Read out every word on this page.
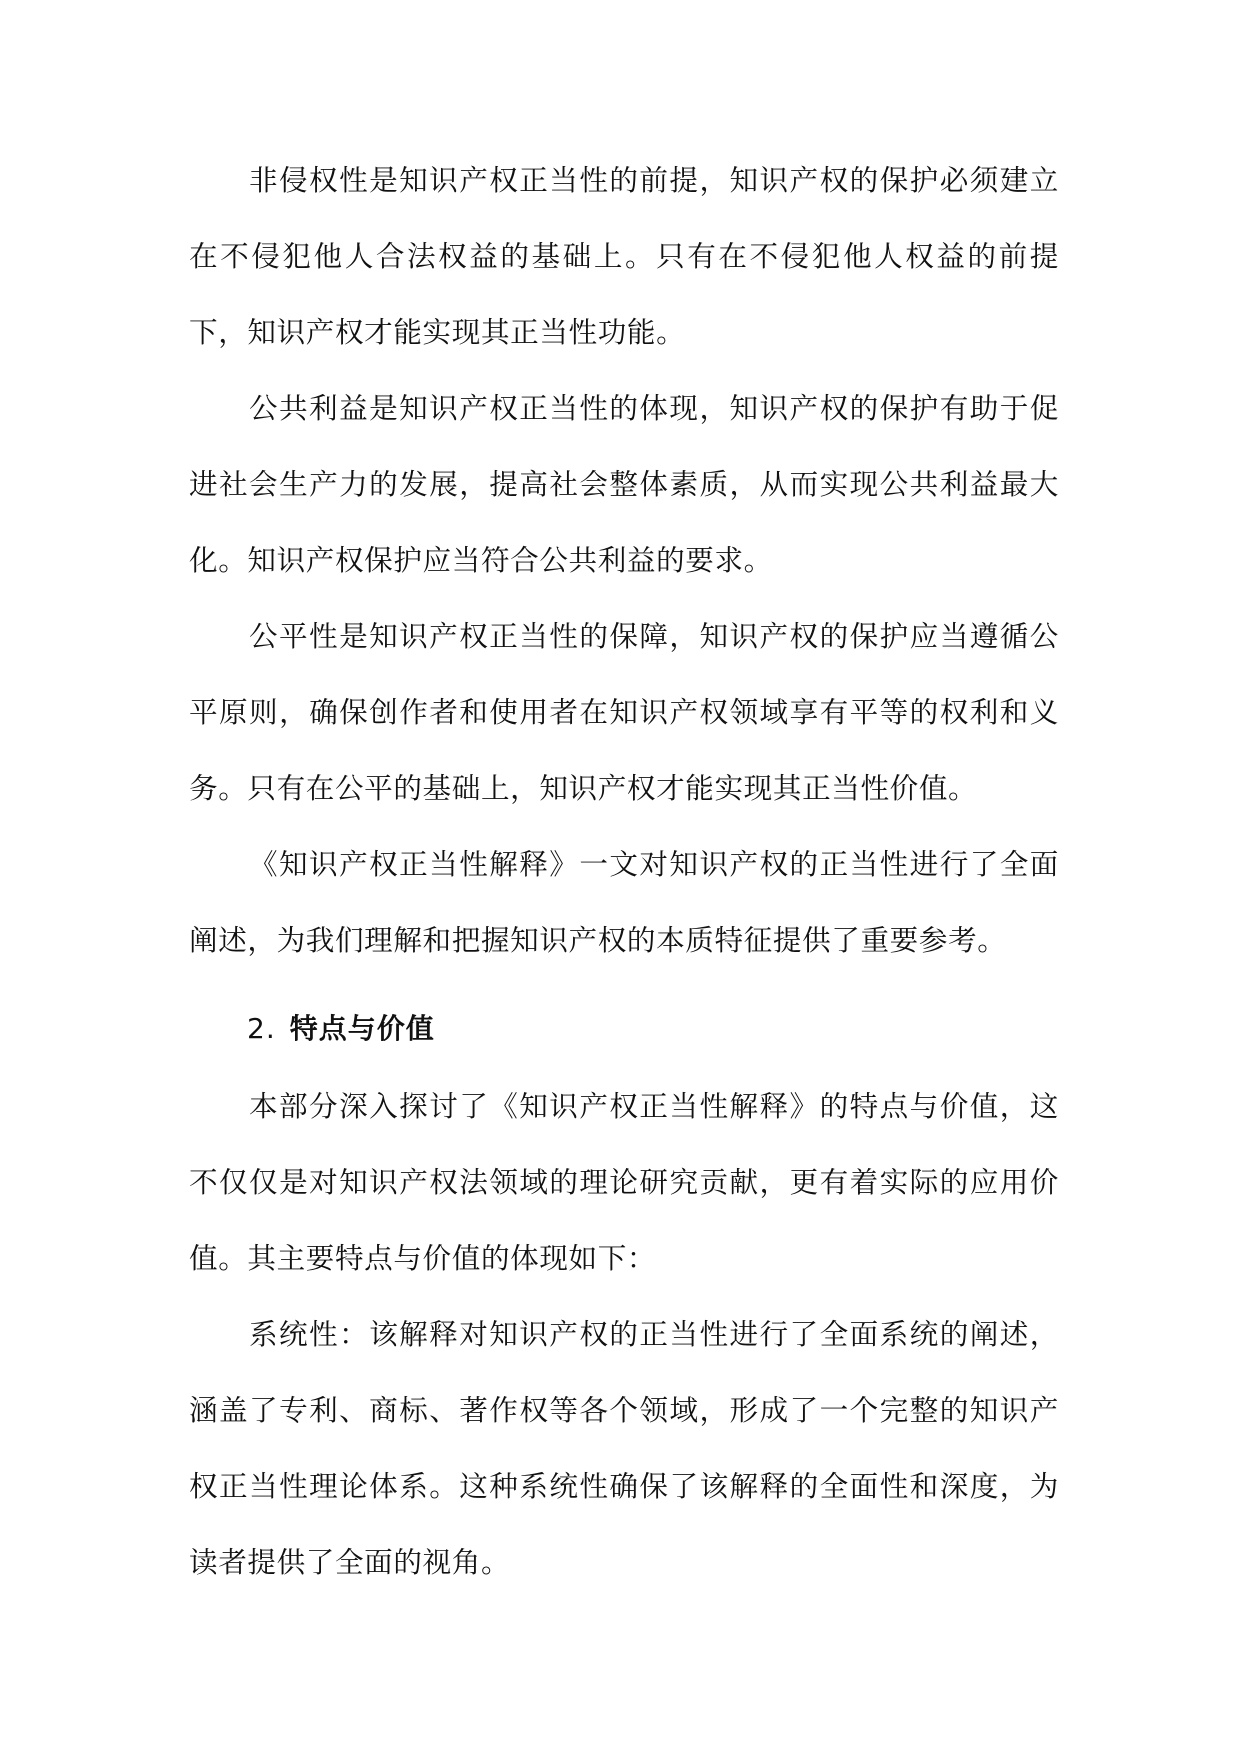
非侵权性是知识产权正当性的前提，知识产权的保护必须建立在不侵犯他人合法权益的基础上。只有在不侵犯他人权益的前提下，知识产权才能实现其正当性功能。

公共利益是知识产权正当性的体现，知识产权的保护有助于促进社会生产力的发展，提高社会整体素质，从而实现公共利益最大化。知识产权保护应当符合公共利益的要求。

公平性是知识产权正当性的保障，知识产权的保护应当遵循公平原则，确保创作者和使用者在知识产权领域享有平等的权利和义务。只有在公平的基础上，知识产权才能实现其正当性价值。

《知识产权正当性解释》一文对知识产权的正当性进行了全面阐述，为我们理解和把握知识产权的本质特征提供了重要参考。

2. 特点与价值

本部分深入探讨了《知识产权正当性解释》的特点与价值，这不仅仅是对知识产权法领域的理论研究贡献，更有着实际的应用价值。其主要特点与价值的体现如下：

系统性：该解释对知识产权的正当性进行了全面系统的阐述，涵盖了专利、商标、著作权等各个领域，形成了一个完整的知识产权正当性理论体系。这种系统性确保了该解释的全面性和深度，为读者提供了全面的视角。
